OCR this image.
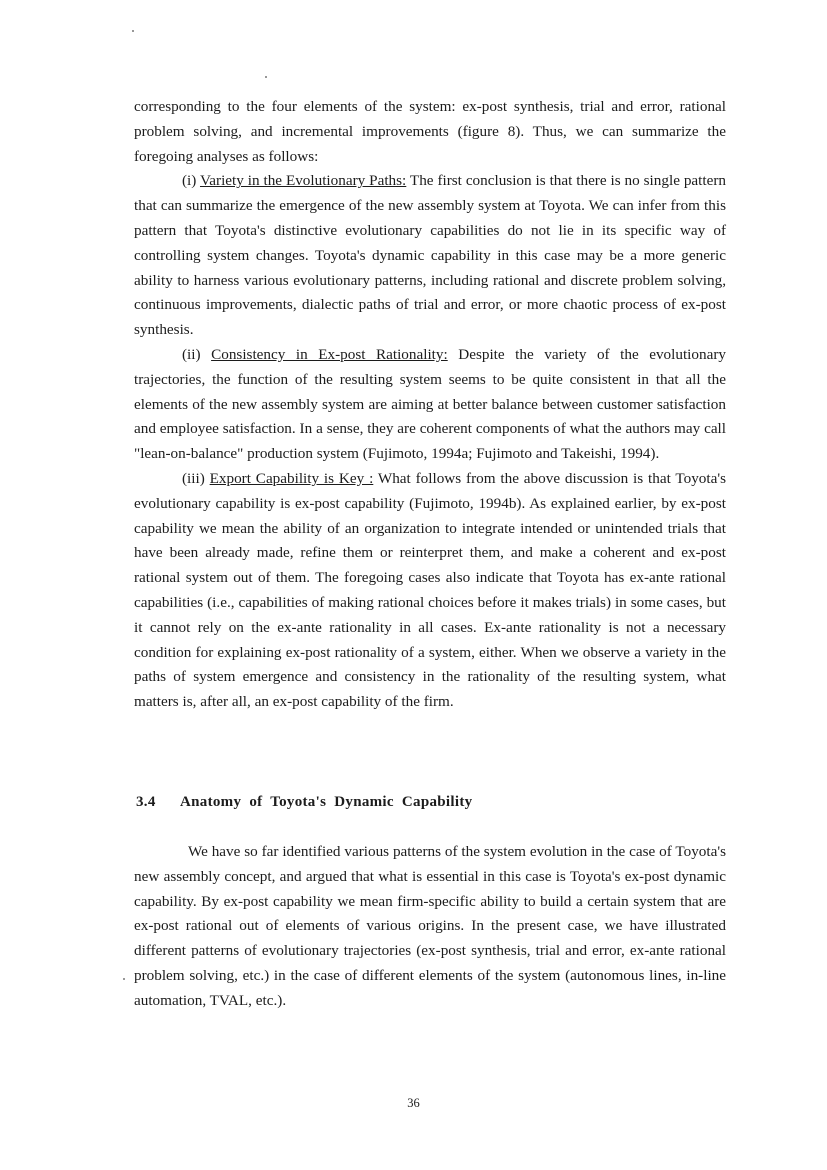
corresponding to the four elements of the system: ex-post synthesis, trial and error, rational problem solving, and incremental improvements (figure 8). Thus, we can summarize the foregoing analyses as follows:

(i) Variety in the Evolutionary Paths: The first conclusion is that there is no single pattern that can summarize the emergence of the new assembly system at Toyota. We can infer from this pattern that Toyota's distinctive evolutionary capabilities do not lie in its specific way of controlling system changes. Toyota's dynamic capability in this case may be a more generic ability to harness various evolutionary patterns, including rational and discrete problem solving, continuous improvements, dialectic paths of trial and error, or more chaotic process of ex-post synthesis.

(ii) Consistency in Ex-post Rationality: Despite the variety of the evolutionary trajectories, the function of the resulting system seems to be quite consistent in that all the elements of the new assembly system are aiming at better balance between customer satisfaction and employee satisfaction. In a sense, they are coherent components of what the authors may call "lean-on-balance" production system (Fujimoto, 1994a; Fujimoto and Takeishi, 1994).

(iii) Export Capability is Key : What follows from the above discussion is that Toyota's evolutionary capability is ex-post capability (Fujimoto, 1994b). As explained earlier, by ex-post capability we mean the ability of an organization to integrate intended or unintended trials that have been already made, refine them or reinterpret them, and make a coherent and ex-post rational system out of them. The foregoing cases also indicate that Toyota has ex-ante rational capabilities (i.e., capabilities of making rational choices before it makes trials) in some cases, but it cannot rely on the ex-ante rationality in all cases. Ex-ante rationality is not a necessary condition for explaining ex-post rationality of a system, either. When we observe a variety in the paths of system emergence and consistency in the rationality of the resulting system, what matters is, after all, an ex-post capability of the firm.

3.4 Anatomy of Toyota's Dynamic Capability

We have so far identified various patterns of the system evolution in the case of Toyota's new assembly concept, and argued that what is essential in this case is Toyota's ex-post dynamic capability. By ex-post capability we mean firm-specific ability to build a certain system that are ex-post rational out of elements of various origins. In the present case, we have illustrated different patterns of evolutionary trajectories (ex-post synthesis, trial and error, ex-ante rational problem solving, etc.) in the case of different elements of the system (autonomous lines, in-line automation, TVAL, etc.).

36
